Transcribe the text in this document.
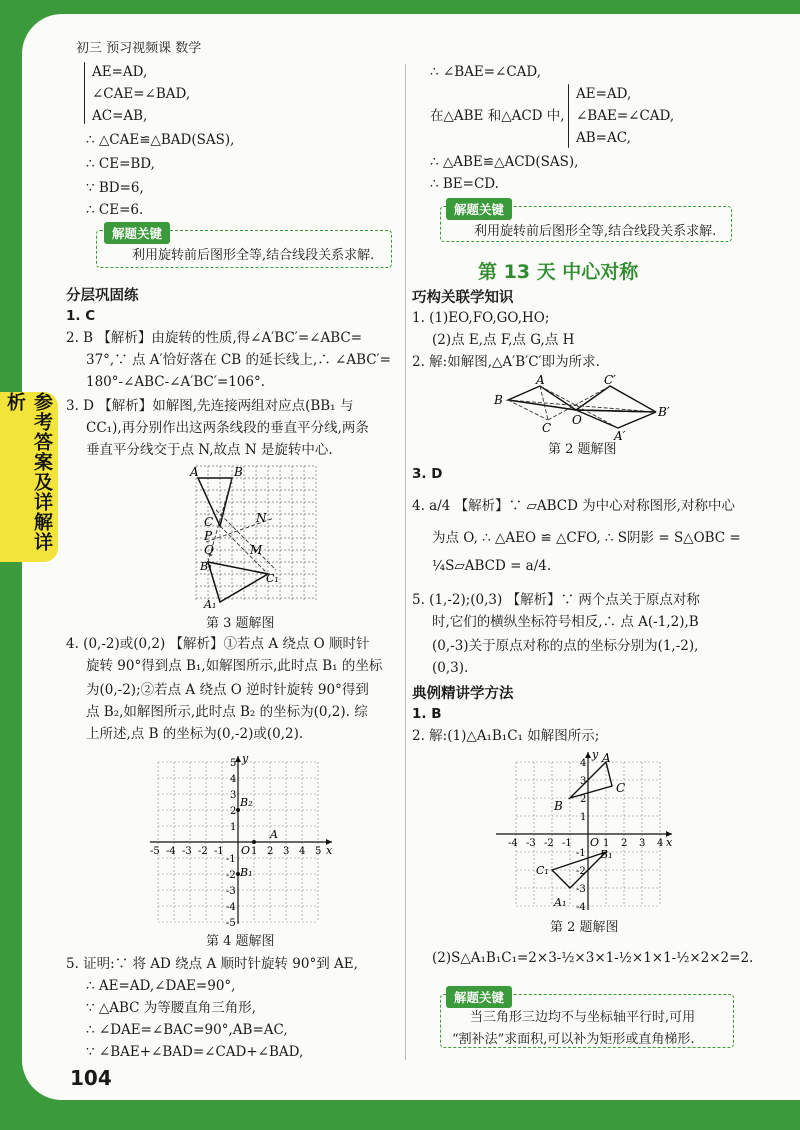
初三 预习视频课 数学
参考答案及详解详析
AE=AD,
∠CAE=∠BAD,
AC=AB,
∴ △CAE≌△BAD(SAS),
∴ CE=BD,
∵ BD=6,
∴ CE=6.
解题关键
利用旋转前后图形全等,结合线段关系求解.
分层巩固练
1. C
2. B 【解析】由旋转的性质,得∠A′BC′=∠ABC=
37°,∵ 点 A′恰好落在 CB 的延长线上,∴ ∠ABC′=
180°-∠ABC-∠A′BC′=106°.
3. D 【解析】如解图,先连接两组对应点(BB₁ 与
CC₁),再分别作出这两条线段的垂直平分线,两条
垂直平分线交于点 N,故点 N 是旋转中心.
A	B
C
P
Q
N
M
B₁
C₁
A₁
第 3 题解图
4. (0,-2)或(0,2) 【解析】①若点 A 绕点 O 顺时针
旋转 90°得到点 B₁,如解图所示,此时点 B₁ 的坐标
为(0,-2);②若点 A 绕点 O 逆时针旋转 90°得到
点 B₂,如解图所示,此时点 B₂ 的坐标为(0,2). 综
上所述,点 B 的坐标为(0,-2)或(0,2).
x
y
O
A
B₂
B₁
-5 -4 -3 -2 -1	1 2 3 4 5
-5
-4
-3
-2
-1
1
2
3
4
5
第 4 题解图
5. 证明:∵ 将 AD 绕点 A 顺时针旋转 90°到 AE,
∴ AE=AD,∠DAE=90°,
∵ △ABC 为等腰直角三角形,
∴ ∠DAE=∠BAC=90°,AB=AC,
∵ ∠BAE+∠BAD=∠CAD+∠BAD,
104
∴ ∠BAE=∠CAD,
在△ABE 和△ACD 中,
AE=AD,
∠BAE=∠CAD,
AB=AC,
∴ △ABE≌△ACD(SAS),
∴ BE=CD.
解题关键
利用旋转前后图形全等,结合线段关系求解.
第 13 天 中心对称
巧构关联学知识
1. (1)EO,FO,GO,HO;
(2)点 E,点 F,点 G,点 H
2. 解:如解图,△A′B′C′即为所求.
A
B
C
O
A′
B′
C′
第 2 题解图
3. D
4. a/4 【解析】∵ ▱ABCD 为中心对称图形,对称中心
为点 O, ∴ △AEO ≌ △CFO, ∴ S阴影 = S△OBC =
¼S▱ABCD = a/4.
5. (1,-2);(0,3) 【解析】∵ 两个点关于原点对称
时,它们的横纵坐标符号相反,∴ 点 A(-1,2),B
(0,-3)关于原点对称的点的坐标分别为(1,-2),
(0,3).
典例精讲学方法
1. B
2. 解:(1)△A₁B₁C₁ 如解图所示;
x
y
O
A
B
C
A₁
B₁
C₁
-4 -3 -2 -1	1 2 3 4
-4
-3
-2
-1
1
2
3
4
第 2 题解图
(2)S△A₁B₁C₁=2×3-½×3×1-½×1×1-½×2×2=2.
解题关键
当三角形三边均不与坐标轴平行时,可用
“割补法”求面积,可以补为矩形或直角梯形.
